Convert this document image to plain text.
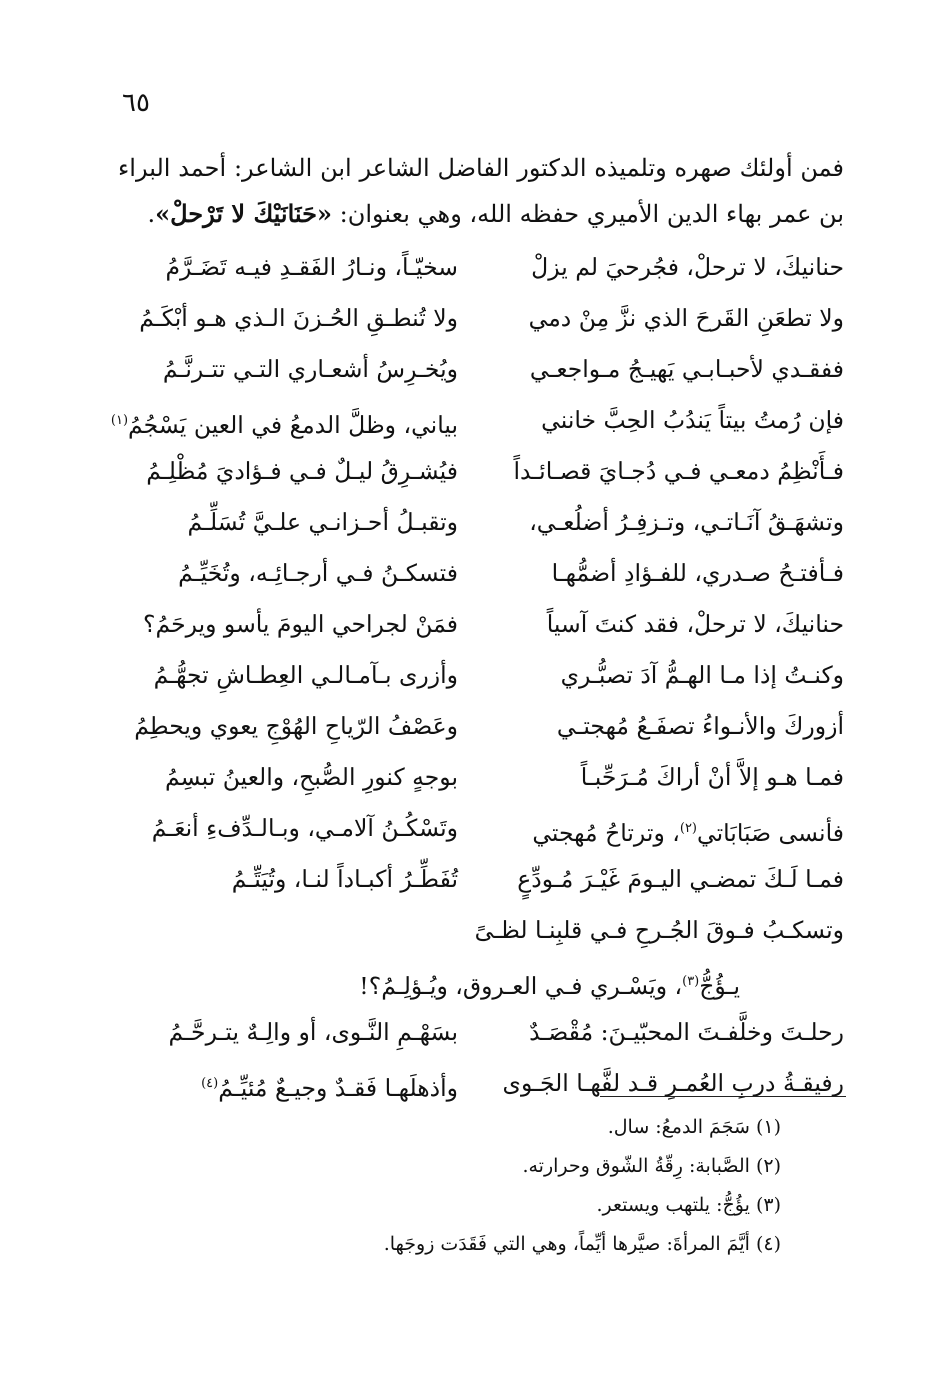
٦٥
فمن أولئك صهره وتلميذه الدكتور الفاضل الشاعر ابن الشاعر: أحمد البراء بن عمر بهاء الدين الأميري حفظه الله، وهي بعنوان: «حَنَانَيْكَ لا تَرْحلْ».
حنانيكَ، لا ترحلْ، فجُرحيَ لم يزلْ
سخيّـاً، ونـارُ الفَقـدِ فيـه تَضَـرَّمُ
ولا تطعَنِ القَرحَ الذي نزَّ مِنْ دمي
ولا تُنطـقِ الحُـزنَ الـذي هـو أبْكَـمُ
ففقـدي لأحبـابـي يَهيـجُ مـواجعـي
ويُخـرِسُ أشعـاري التـي تتـرنَّـمُ
فإن رُمتُ بيتاً يَندُبُ الحِبَّ خانني
بياني، وظلَّ الدمعُ في العين يَسْجُمُ$^{(١)}$
فـأَنْظِمُ دمعـي فـي دُجـايَ قصـائـداً
فيُشـرِقُ ليـلٌ فـي فـؤاديَ مُظْلِـمُ
وتشهَـقُ آنَـاتـي، وتـزفِـرُ أضلُعـي،
وتقبـلُ أحـزانـي علـيَّ تُسَلِّـمُ
فـأفتـحُ صـدري، للفـؤادِ أضمُّهـا
فتسكـنُ فـي أرجـائِـه، وتُخَيِّـمُ
حنانيكَ، لا ترحلْ، فقد كنتَ آسياً
فمَنْ لجراحي اليومَ يأسو ويرحَمُ؟
وكنـتُ إذا مـا الهـمُّ آدَ تصبُّـري
وأزرى بـآمـالـي العِطـاشِ تجهُّـمُ
أزوركَ والأنـواءُ تصفَـعُ مُهجتـي
وعَصْفُ الرّياحِ الهُوْجِ يعوي ويحطِمُ
فمـا هـو إلاَّ أنْ أراكَ مُـرَحِّبـاً
بوجهٍ كنورِ الصُّبحِ، والعينُ تبسِمُ
فأنسى صَبَابَاتي$^{(٢)}$، وترتاحُ مُهجتي
وتَسْكُـنُ آلامـي، وبـالـدِّفءِ أنعَـمُ
فمـا لَـكَ تمضـي اليـومَ غَيْـرَ مُـودِّعٍ
تُفَطِّـرُ أكبـاداً لنـا، وتُيَتِّـمُ
وتسكـبُ فـوقَ الجُـرحِ فـي قلبِنـا لظـىً
يـؤُجُّ$^{(٣)}$، ويَسْـري فـي العـروق، ويُـؤلِـمُ؟!
رحلـتَ وخلَّفـتَ المحبّيـنَ: مُقْصَـدٌ
بسَهْـمِ النَّـوى، أو والِـهٌ يتـرحَّـمُ
رفيقـةُ دربِ العُمـرِ قـد لفَّهـا الجَـوى
وأذهلَهـا فَقـدٌ وجيـعٌ مُئيِّـمُ$^{(٤)}$
(١) سَجَمَ الدمعُ: سال.
(٢) الصَّبابة: رِقّةُ الشّوق وحرارته.
(٣) يؤُجُّ: يلتهب ويستعر.
(٤) أيَّمَ المرأةَ: صيَّرها أيِّماً، وهي التي فَقَدَت زوجَها.
